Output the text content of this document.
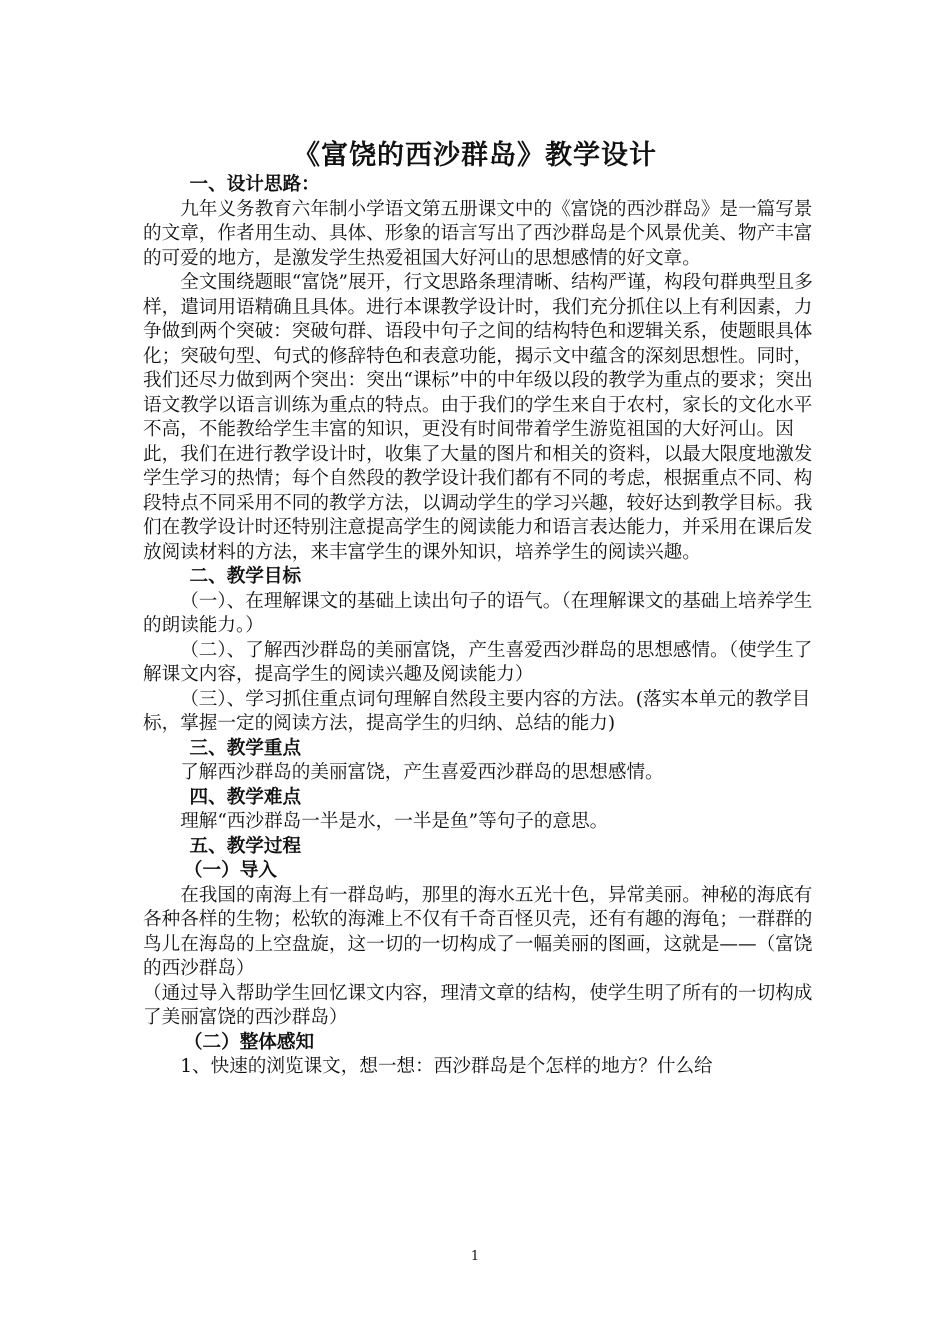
《富饶的西沙群岛》教学设计

一、设计思路：

九年义务教育六年制小学语文第五册课文中的《富饶的西沙群岛》是一篇写景的文章，作者用生动、具体、形象的语言写出了西沙群岛是个风景优美、物产丰富的可爱的地方，是激发学生热爱祖国大好河山的思想感情的好文章。

全文围绕题眼“富饶”展开，行文思路条理清晰、结构严谨，构段句群典型且多样，遣词用语精确且具体。进行本课教学设计时，我们充分抓住以上有利因素，力争做到两个突破：突破句群、语段中句子之间的结构特色和逻辑关系，使题眼具体化；突破句型、句式的修辞特色和表意功能，揭示文中蕴含的深刻思想性。同时，我们还尽力做到两个突出：突出“课标”中的中年级以段的教学为重点的要求；突出语文教学以语言训练为重点的特点。由于我们的学生来自于农村，家长的文化水平不高，不能教给学生丰富的知识，更没有时间带着学生游览祖国的大好河山。因此，我们在进行教学设计时，收集了大量的图片和相关的资料，以最大限度地激发学生学习的热情；每个自然段的教学设计我们都有不同的考虑，根据重点不同、构段特点不同采用不同的教学方法，以调动学生的学习兴趣，较好达到教学目标。我们在教学设计时还特别注意提高学生的阅读能力和语言表达能力，并采用在课后发放阅读材料的方法，来丰富学生的课外知识，培养学生的阅读兴趣。

二、教学目标

（一）、在理解课文的基础上读出句子的语气。（在理解课文的基础上培养学生的朗读能力。）

（二）、了解西沙群岛的美丽富饶，产生喜爱西沙群岛的思想感情。（使学生了解课文内容，提高学生的阅读兴趣及阅读能力）

（三）、学习抓住重点词句理解自然段主要内容的方法。(落实本单元的教学目标，掌握一定的阅读方法，提高学生的归纳、总结的能力)

三、教学重点

了解西沙群岛的美丽富饶，产生喜爱西沙群岛的思想感情。

四、教学难点

理解“西沙群岛一半是水，一半是鱼”等句子的意思。

五、教学过程

（一）导入

在我国的南海上有一群岛屿，那里的海水五光十色，异常美丽。神秘的海底有各种各样的生物；松软的海滩上不仅有千奇百怪贝壳，还有有趣的海龟；一群群的鸟儿在海岛的上空盘旋，这一切的一切构成了一幅美丽的图画，这就是——（富饶的西沙群岛）

（通过导入帮助学生回忆课文内容，理清文章的结构，使学生明了所有的一切构成了美丽富饶的西沙群岛）

（二）整体感知

1、快速的浏览课文，想一想：西沙群岛是个怎样的地方？什么给

1
